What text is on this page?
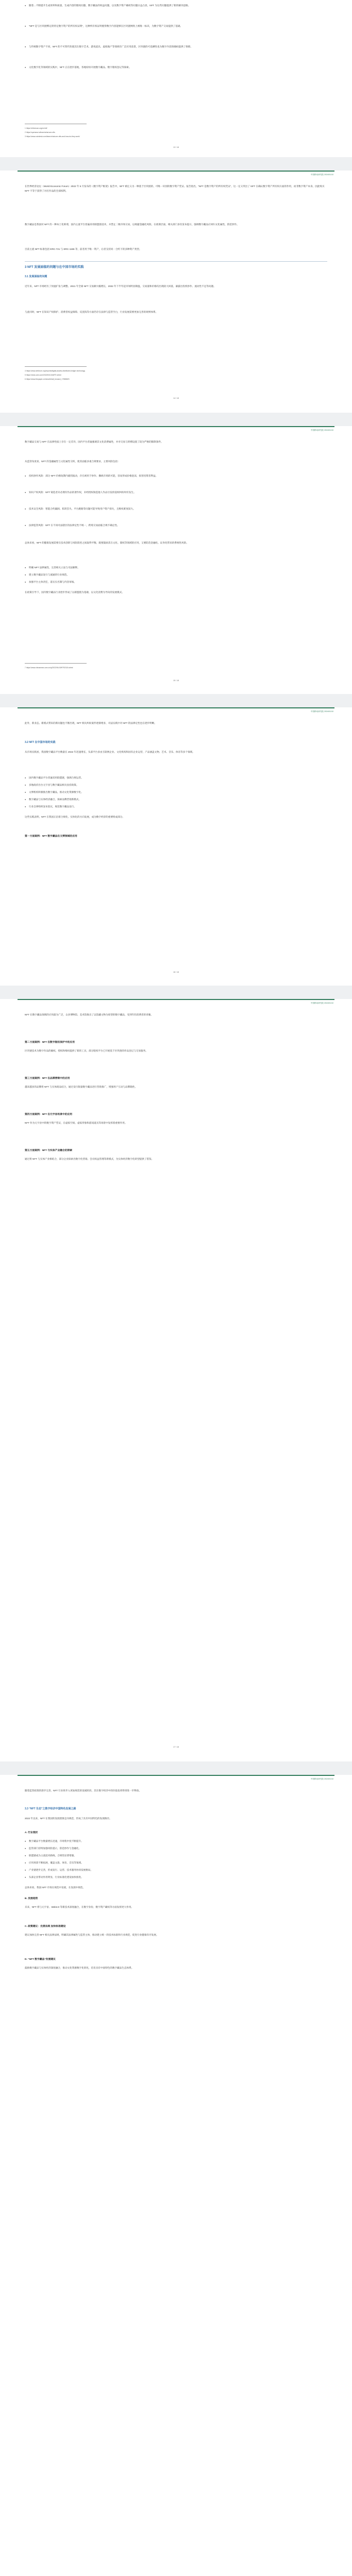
● 随着…不断提升生成效率和质量，生成内容的版权问题、数字藏品的权益问题，以及数字资产确权等问题日益凸显，NFT 为这些问题提供了新的解决思路。

● “NFT 是与区块链绑定的特定数字资产的所有权证明”，这种所有权证明使得数字内容能够在区块链网络上被唯一标识，为数字资产交易提供了基础。

● 与传统数字资产不同，NFT 的不可替代性使其在数字艺术、游戏道具、虚拟地产等领域有广泛应用前景，区块链的可追溯性也为数字内容的确权提供了保障。

● 文化数字化等领域的实践中，NFT 正在逐步落地，各地纷纷开展数字藏品、数字版权登记等探索。

1 https://ethereum.org/en/nft/

2 https://opensea.io/learn/what-are-nfts

3 https://www.coindesk.com/learn/what-are-nfts-and-how-do-they-work/

13 / 18

中国移动研究院 2024/01/10

在世界经济论坛（World Economic Forum）2022 年 5 月发布的《数字资产框架》报告中，NFT 被定义为一种基于区块链的、可唯一识别的数字资产凭证。报告指出，“NFT 是数字资产的所有权凭证”，这一定义突出了 NFT 在确认数字资产所有权方面的作用，而非数字资产本身。因此购买 NFT 不等于获得了对应作品的全部权利。

数字藏品是我国对 NFT 的一种本土化称谓，国内主流平台普遍采用联盟链技术，并禁止二级市场交易，以规避金融化风险。在政策层面，相关部门多次发布提示，强调数字藏品应回归文化属性，防范炒作。

目前主流 NFT 标准包括 ERC-721 与 ERC-1155 等，前者用于唯一资产，后者支持同一合约下的多种资产类型。

3 NFT 发展面临的问题与在中国市场的实践

3.1 发展面临的问题

近年来，NFT 市场经历了快速扩张与调整。2021 年全球 NFT 交易额大幅增长，2022 年下半年起市场明显降温，交易量和价格均出现较大回落，暴露出投机炒作、流动性不足等问题。

与此同时，NFT 在知识产权保护、消费者权益保障、反洗钱等方面仍存在法律与监管空白，行业发展需要更加完善的规则体系。

4 https://www.weforum.org/reports/digital-assets-distributed-ledger-technology

5 https://news.cctv.com/2022/04/13/ARTI.shtml

6 https://www.thepaper.cn/newsDetail_forward_17586823

14 / 18

中国移动研究院 2024/01/10

数字藏品交易与 NFT 在法律性质上存在一定差异，国内平台普遍强调其文化消费属性，并对交易与转赠设置了较为严格的限制条件。

从监管角度看，NFT 的金融属性与文化属性交织，使其面临多重合规要求，主要风险包括：

● 投机炒作风险：部分 NFT 价格短期内剧烈波动，存在被用于炒作、操纵市场的可能，容易形成价格泡沫，损害投资者利益。

● 知识产权风险：NFT 铸造者未必拥有作品的著作权，未经授权铸造他人作品引发的侵权纠纷时有发生。

● 技术安全风险：智能合约漏洞、私钥丢失、平台跑路等问题可能导致用户资产损失，且维权难度较大。

● 法律监管风险：NFT 在不同司法辖区的法律定性不统一，跨境交易面临合规不确定性。

总体来看，NFT 的健康发展需要在技术创新与风险防控之间取得平衡，既要鼓励其在文化、版权等领域的应用，又要防范金融化、证券化带来的系统性风险。

● 明确 NFT 法律属性，完善相关立法与司法解释。

● 建立数字藏品发行与流通的行业规范。

● 加强平台主体责任，落实实名制与内容审核。

在政策引导下，国内数字藏品行业逐步形成了以联盟链为基础、以文化消费为导向的发展模式。

7 https://www.chinanews.com.cn/cj/2022/06-30/9792115.shtml

15 / 18

中国移动研究院 2024/01/10

此外，新业态、新模式带来的新问题也不断出现，NFT 相关纠纷案件逐渐增多，司法实践中对 NFT 的法律定性也在逐步明晰。

3.2 NFT 在中国市场的实践

从市场实践看，我国数字藏品平台数量在 2022 年迅速增长，头部平台多由互联网企业、文化机构和国有企业运营，产品涵盖文物、艺术、音乐、体育等多个领域。

● 国内数字藏品平台普遍采用联盟链，强调合规运营。

● 多地政府出台元宇宙与数字藏品相关扶持政策。

● 文博机构积极推出数字藏品，推动文化资源数字化。

● 数字藏品与实体经济融合，探索品牌营销新模式。

● 行业自律组织发布倡议，规范数字藏品发行。

这些实践表明，NFT 在我国正沿着合规化、实体化的方向发展，成为数字经济的重要组成部分。

第一方面案例：NFT 数字藏品在文博领域的应用

16 / 18

中国移动研究院 2024/01/10

NFT 在数字藏品领域的应用最为广泛，众多博物馆、美术馆推出了以馆藏文物为原型的数字藏品，受到年轻消费者的青睐。

第二方面案例：NFT 在数字版权保护中的应用

区块链技术为数字作品的确权、授权和维权提供了新的工具，部分版权平台已开展基于区块链的作品登记与交易服务。

第三方面案例：NFT 在品牌营销中的应用

越来越多的品牌将 NFT 与实体商品结合，通过发行限量数字藏品进行营销推广，增强用户互动与品牌黏性。

第四方面案例：NFT 在元宇宙场景中的应用

NFT 作为元宇宙中的数字资产凭证，在虚拟空间、虚拟形象和游戏道具等场景中发挥着重要作用。

第五方面案例：NFT 与实体产业融合的探索

通过将 NFT 与实体产业相结合，部分企业探索出数字化营销、会员权益管理等新模式，为实体经济数字化转型提供了借鉴。

17 / 18

中国移动研究院 2024/01/10

随着监管政策的逐步完善，NFT 行业将步入更加规范的发展阶段，其在数字经济中的价值也将得到进一步释放。

3.3 “NFT 生态”之数字经济中国特色发展之路

2022 年以来，NFT 在我国的发展逐渐走向规范，形成了具有中国特色的发展路径。

A. 行业现状

● 数字藏品平台数量增长迅速，市场集中度不断提升。

● 监管部门持续加强风险提示，防范炒作与金融化。

● 联盟链成为主流技术路线，合规性显著增强。

● 应用场景不断拓展，覆盖文旅、体育、音乐等领域。

● 产业链逐步完善，形成发行、运营、技术服务协同发展格局。

● 头部企业带动作用明显，行业标准化建设加快推进。

总体来看，我国 NFT 市场在规范中发展，在发展中规范。

B. 发展趋势

未来，NFT 将与元宇宙、Web3.0 等新技术深度融合，在数字身份、数字资产确权等方面发挥更大作用。

C. 政策建议：完善法规 加快标准建设

建议加快完善 NFT 相关法律法规，明确其法律属性与监管主体，推动建立统一的技术标准和行业规范，促进行业健康有序发展。

D. “NFT 数字藏品”发展建议

鼓励数字藏品与实体经济深度融合，推动文化资源数字化转化，培育具有中国特色的数字藏品生态体系。
